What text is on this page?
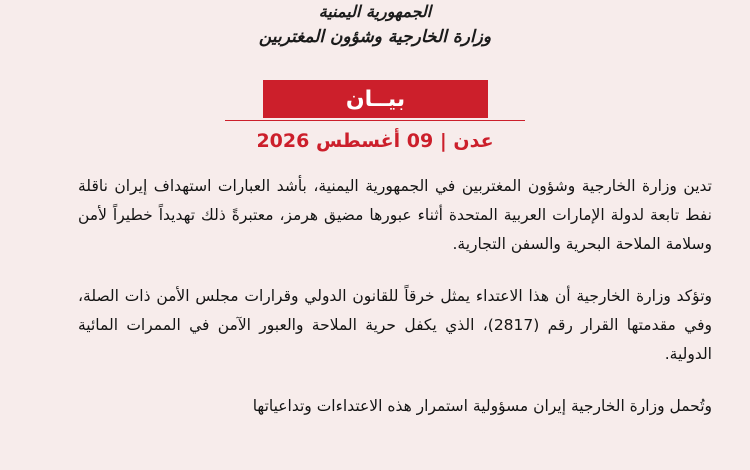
الجمهورية اليمنية
وزارة الخارجية وشؤون المغتربين
بيــان
عدن | 09 أغسطس 2026

تدين وزارة الخارجية وشؤون المغتربين في الجمهورية اليمنية، بأشد العبارات استهداف إيران ناقلة نفط تابعة لدولة الإمارات العربية المتحدة أثناء عبورها مضيق هرمز، معتبرةً ذلك تهديداً خطيراً لأمن وسلامة الملاحة البحرية والسفن التجارية.

وتؤكد وزارة الخارجية أن هذا الاعتداء يمثل خرقاً للقانون الدولي وقرارات مجلس الأمن ذات الصلة، وفي مقدمتها القرار رقم (2817)، الذي يكفل حرية الملاحة والعبور الآمن في الممرات المائية الدولية.

وتُحمل وزارة الخارجية إيران مسؤولية استمرار هذه الاعتداءات وتداعياتها
